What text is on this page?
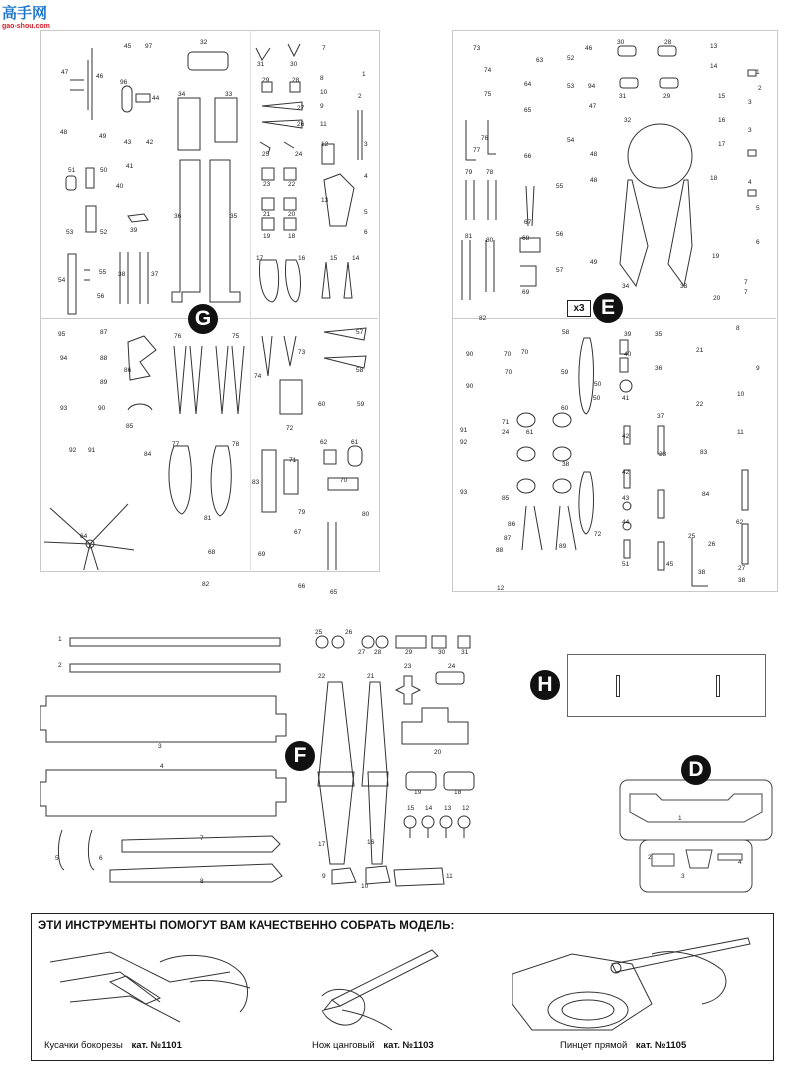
高手网
gao-shou.com
47
46
45 97
32
31	30
7
1
2
96
44
34	33
29	28	8
27
10
9
11
26
48
49
43 42
25	24
12	3
51	50
41
40	23	22
4
13
5
39
36	35	21	20
6
53	52
19	18
54
55 38	37
17	16	15 14
56
95	87
76	75
57
94	88
86
73
74
58
89
93	90
85	72
60	59
92 91
84
62	61
77	78
71
83	70
64
81
79	80
68
67
69
82	66
65
G	x3 E
73
63	52
46
30	28
13
74
64	53 94
31	29
14
1
75
65
47
15
2
32
3
77
76	54
16
17
66
3
48
79 78
55
67
48	4
18
56
49
5
81
80	68
57
19
6
69
7
34	33
20
7
82
58	39	35
8
70 70	40
21
9
90
36
59
50
41
37
10
90
70
50
22
91
92
60
42
11
61
38
23	83
71
24
84
42
43
93
85
86	44
25
26
88
87
72
51	45
38
27
12
89
62
38
1
2
3
4
25	26
27 28	29	30 31
22	21
23	24
20
19	18
17	16
15 14 13 12
5	6
7
8
9
10
11
F
H
1
2
3
4
D
ЭТИ ИНСТРУМЕНТЫ ПОМОГУТ ВАМ КАЧЕСТВЕННО СОБРАТЬ МОДЕЛЬ:
Кусачки бокорезы кат. №1101	Нож цанговый кат. №1103	Пинцет прямой кат. №1105
